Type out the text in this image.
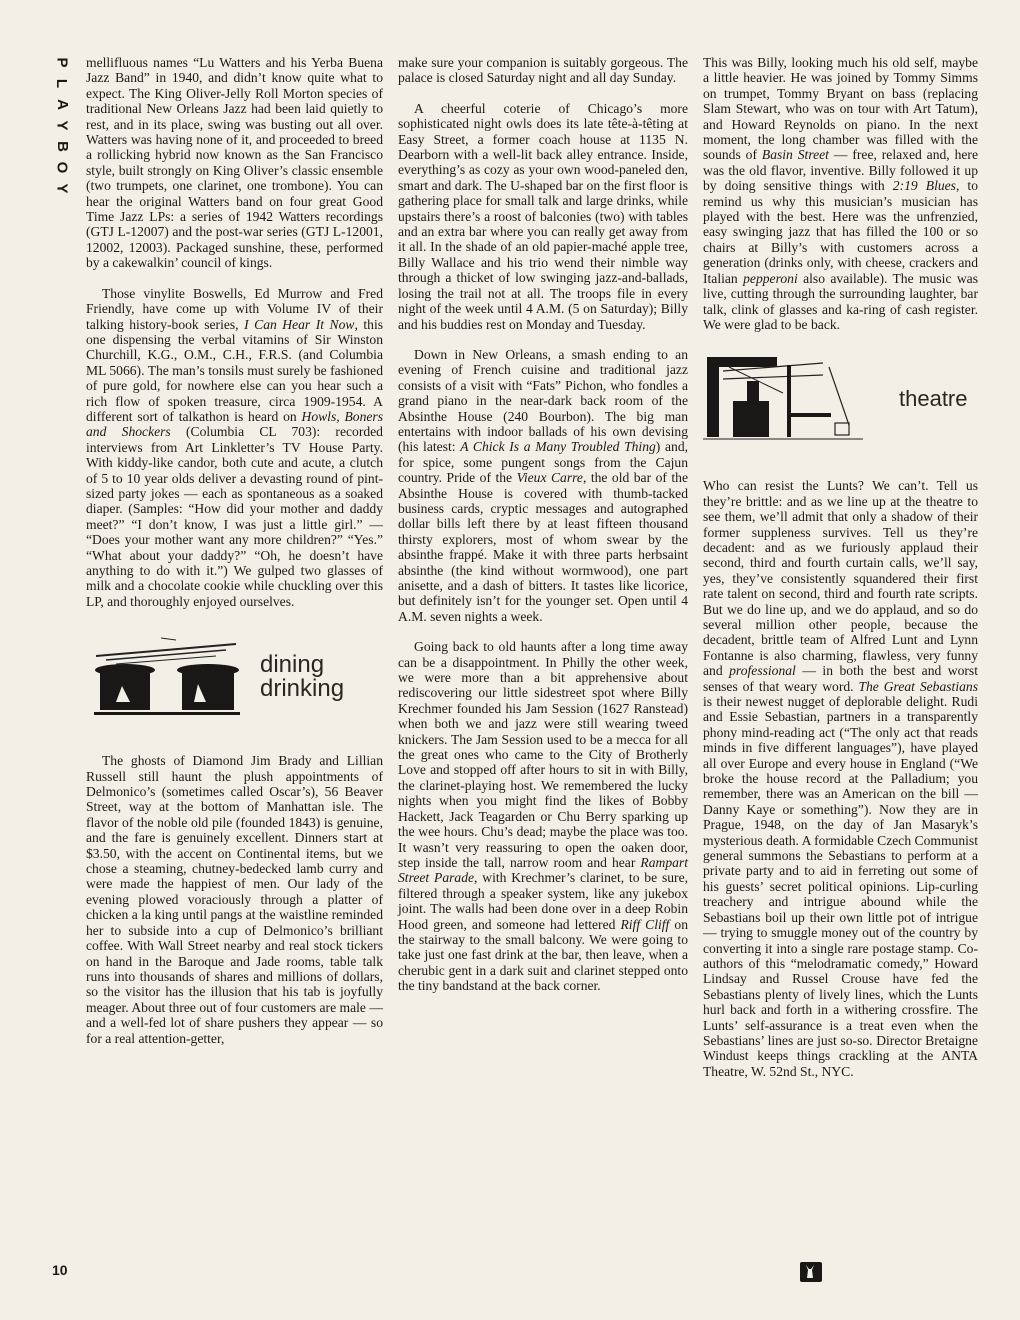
P
L
A
Y
B
O
Y
10

mellifluous names “Lu Watters and his Yerba Buena Jazz Band” in 1940, and didn’t know quite what to expect. The King Oliver-Jelly Roll Morton species of traditional New Orleans Jazz had been laid quietly to rest, and in its place, swing was busting out all over. Watters was having none of it, and proceeded to breed a rollicking hybrid now known as the San Francisco style, built strongly on King Oliver’s classic ensemble (two trumpets, one clarinet, one trombone). You can hear the original Watters band on four great Good Time Jazz LPs: a series of 1942 Watters recordings (GTJ L-12007) and the post-war series (GTJ L-12001, 12002, 12003). Packaged sunshine, these, performed by a cakewalkin’ council of kings.

Those vinylite Boswells, Ed Murrow and Fred Friendly, have come up with Volume IV of their talking history-book series, I Can Hear It Now, this one dispensing the verbal vitamins of Sir Winston Churchill, K.G., O.M., C.H., F.R.S. (and Columbia ML 5066). The man’s tonsils must surely be fashioned of pure gold, for nowhere else can you hear such a rich flow of spoken treasure, circa 1909-1954. A different sort of talkathon is heard on Howls, Boners and Shockers (Columbia CL 703): recorded interviews from Art Linkletter’s TV House Party. With kiddy-like candor, both cute and acute, a clutch of 5 to 10 year olds deliver a devasting round of pint-sized party jokes — each as spontaneous as a soaked diaper. (Samples: “How did your mother and daddy meet?” “I don’t know, I was just a little girl.” — “Does your mother want any more children?” “Yes.” “What about your daddy?” “Oh, he doesn’t have anything to do with it.”) We gulped two glasses of milk and a chocolate cookie while chuckling over this LP, and thoroughly enjoyed ourselves.

dining
drinking

The ghosts of Diamond Jim Brady and Lillian Russell still haunt the plush appointments of Delmonico’s (sometimes called Oscar’s), 56 Beaver Street, way at the bottom of Manhattan isle. The flavor of the noble old pile (founded 1843) is genuine, and the fare is genuinely excellent. Dinners start at $3.50, with the accent on Continental items, but we chose a steaming, chutney-bedecked lamb curry and were made the happiest of men. Our lady of the evening plowed voraciously through a platter of chicken a la king until pangs at the waistline reminded her to subside into a cup of Delmonico’s brilliant coffee. With Wall Street nearby and real stock tickers on hand in the Baroque and Jade rooms, table talk runs into thousands of shares and millions of dollars, so the visitor has the illusion that his tab is joyfully meager. About three out of four customers are male — and a well-fed lot of share pushers they appear — so for a real attention-getter,

make sure your companion is suitably gorgeous. The palace is closed Saturday night and all day Sunday.

A cheerful coterie of Chicago’s more sophisticated night owls does its late tête-à-têting at Easy Street, a former coach house at 1135 N. Dearborn with a well-lit back alley entrance. Inside, everything’s as cozy as your own wood-paneled den, smart and dark. The U-shaped bar on the first floor is gathering place for small talk and large drinks, while upstairs there’s a roost of balconies (two) with tables and an extra bar where you can really get away from it all. In the shade of an old papier-maché apple tree, Billy Wallace and his trio wend their nimble way through a thicket of low swinging jazz-and-ballads, losing the trail not at all. The troops file in every night of the week until 4 A.M. (5 on Saturday); Billy and his buddies rest on Monday and Tuesday.

Down in New Orleans, a smash ending to an evening of French cuisine and traditional jazz consists of a visit with “Fats” Pichon, who fondles a grand piano in the near-dark back room of the Absinthe House (240 Bourbon). The big man entertains with indoor ballads of his own devising (his latest: A Chick Is a Many Troubled Thing) and, for spice, some pungent songs from the Cajun country. Pride of the Vieux Carre, the old bar of the Absinthe House is covered with thumb-tacked business cards, cryptic messages and autographed dollar bills left there by at least fifteen thousand thirsty explorers, most of whom swear by the absinthe frappé. Make it with three parts herbsaint absinthe (the kind without wormwood), one part anisette, and a dash of bitters. It tastes like licorice, but definitely isn’t for the younger set. Open until 4 A.M. seven nights a week.

Going back to old haunts after a long time away can be a disappointment. In Philly the other week, we were more than a bit apprehensive about rediscovering our little sidestreet spot where Billy Krechmer founded his Jam Session (1627 Ranstead) when both we and jazz were still wearing tweed knickers. The Jam Session used to be a mecca for all the great ones who came to the City of Brotherly Love and stopped off after hours to sit in with Billy, the clarinet-playing host. We remembered the lucky nights when you might find the likes of Bobby Hackett, Jack Teagarden or Chu Berry sparking up the wee hours. Chu’s dead; maybe the place was too. It wasn’t very reassuring to open the oaken door, step inside the tall, narrow room and hear Rampart Street Parade, with Krechmer’s clarinet, to be sure, filtered through a speaker system, like any jukebox joint. The walls had been done over in a deep Robin Hood green, and someone had lettered Riff Cliff on the stairway to the small balcony. We were going to take just one fast drink at the bar, then leave, when a cherubic gent in a dark suit and clarinet stepped onto the tiny bandstand at the back corner.

This was Billy, looking much his old self, maybe a little heavier. He was joined by Tommy Simms on trumpet, Tommy Bryant on bass (replacing Slam Stewart, who was on tour with Art Tatum), and Howard Reynolds on piano. In the next moment, the long chamber was filled with the sounds of Basin Street — free, relaxed and, here was the old flavor, inventive. Billy followed it up by doing sensitive things with 2:19 Blues, to remind us why this musician’s musician has played with the best. Here was the unfrenzied, easy swinging jazz that has filled the 100 or so chairs at Billy’s with customers across a generation (drinks only, with cheese, crackers and Italian pepperoni also available). The music was live, cutting through the surrounding laughter, bar talk, clink of glasses and ka-ring of cash register. We were glad to be back.

theatre

Who can resist the Lunts? We can’t. Tell us they’re brittle: and as we line up at the theatre to see them, we’ll admit that only a shadow of their former suppleness survives. Tell us they’re decadent: and as we furiously applaud their second, third and fourth curtain calls, we’ll say, yes, they’ve consistently squandered their first rate talent on second, third and fourth rate scripts. But we do line up, and we do applaud, and so do several million other people, because the decadent, brittle team of Alfred Lunt and Lynn Fontanne is also charming, flawless, very funny and professional — in both the best and worst senses of that weary word. The Great Sebastians is their newest nugget of deplorable delight. Rudi and Essie Sebastian, partners in a transparently phony mind-reading act (“The only act that reads minds in five different languages”), have played all over Europe and every house in England (“We broke the house record at the Palladium; you remember, there was an American on the bill — Danny Kaye or something”). Now they are in Prague, 1948, on the day of Jan Masaryk’s mysterious death. A formidable Czech Communist general summons the Sebastians to perform at a private party and to aid in ferreting out some of his guests’ secret political opinions. Lip-curling treachery and intrigue abound while the Sebastians boil up their own little pot of intrigue — trying to smuggle money out of the country by converting it into a single rare postage stamp. Co-authors of this “melodramatic comedy,” Howard Lindsay and Russel Crouse have fed the Sebastians plenty of lively lines, which the Lunts hurl back and forth in a withering crossfire. The Lunts’ self-assurance is a treat even when the Sebastians’ lines are just so-so. Director Bretaigne Windust keeps things crackling at the ANTA Theatre, W. 52nd St., NYC.
